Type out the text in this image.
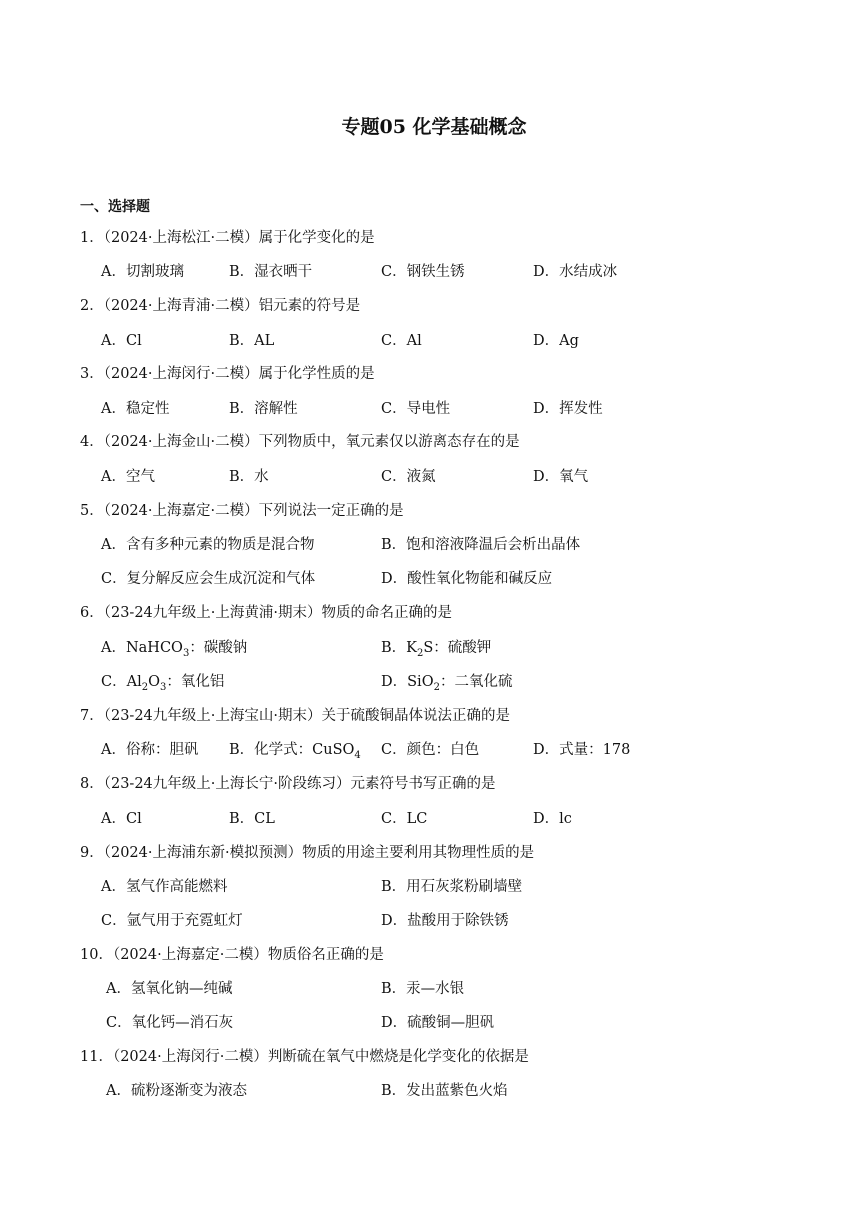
专题05 化学基础概念
一、选择题
1．（2024·上海松江·二模）属于化学变化的是
A．切割玻璃	B．湿衣晒干	C．钢铁生锈	D．水结成冰
2．（2024·上海青浦·二模）铝元素的符号是
A．Cl	B．AL	C．Al	D．Ag
3．（2024·上海闵行·二模）属于化学性质的是
A．稳定性	B．溶解性	C．导电性	D．挥发性
4．（2024·上海金山·二模）下列物质中，氧元素仅以游离态存在的是
A．空气	B．水	C．液氮	D．氧气
5．（2024·上海嘉定·二模）下列说法一定正确的是
A．含有多种元素的物质是混合物	B．饱和溶液降温后会析出晶体
C．复分解反应会生成沉淀和气体	D．酸性氧化物能和碱反应
6．（23-24九年级上·上海黄浦·期末）物质的命名正确的是
A．NaHCO$_3$：碳酸钠	B．$K_2S$：硫酸钾
C．$Al_2O_3$：氧化铝	D．SiO$_2$：二氧化硫
7．（23-24九年级上·上海宝山·期末）关于硫酸铜晶体说法正确的是
A．俗称：胆矾 B．化学式：CuSO$_4$ C．颜色：白色	D．式量：178
8．（23-24九年级上·上海长宁·阶段练习）元素符号书写正确的是
A．Cl	B．CL	C．LC	D．lc
9．（2024·上海浦东新·模拟预测）物质的用途主要利用其物理性质的是
A．氢气作高能燃料	B．用石灰浆粉刷墙壁
C．氩气用于充霓虹灯	D．盐酸用于除铁锈
10．（2024·上海嘉定·二模）物质俗名正确的是
A．氢氧化钠—纯碱	B．汞—水银
C．氧化钙—消石灰	D．硫酸铜—胆矾
11．（2024·上海闵行·二模）判断硫在氧气中燃烧是化学变化的依据是
A．硫粉逐渐变为液态	B．发出蓝紫色火焰
